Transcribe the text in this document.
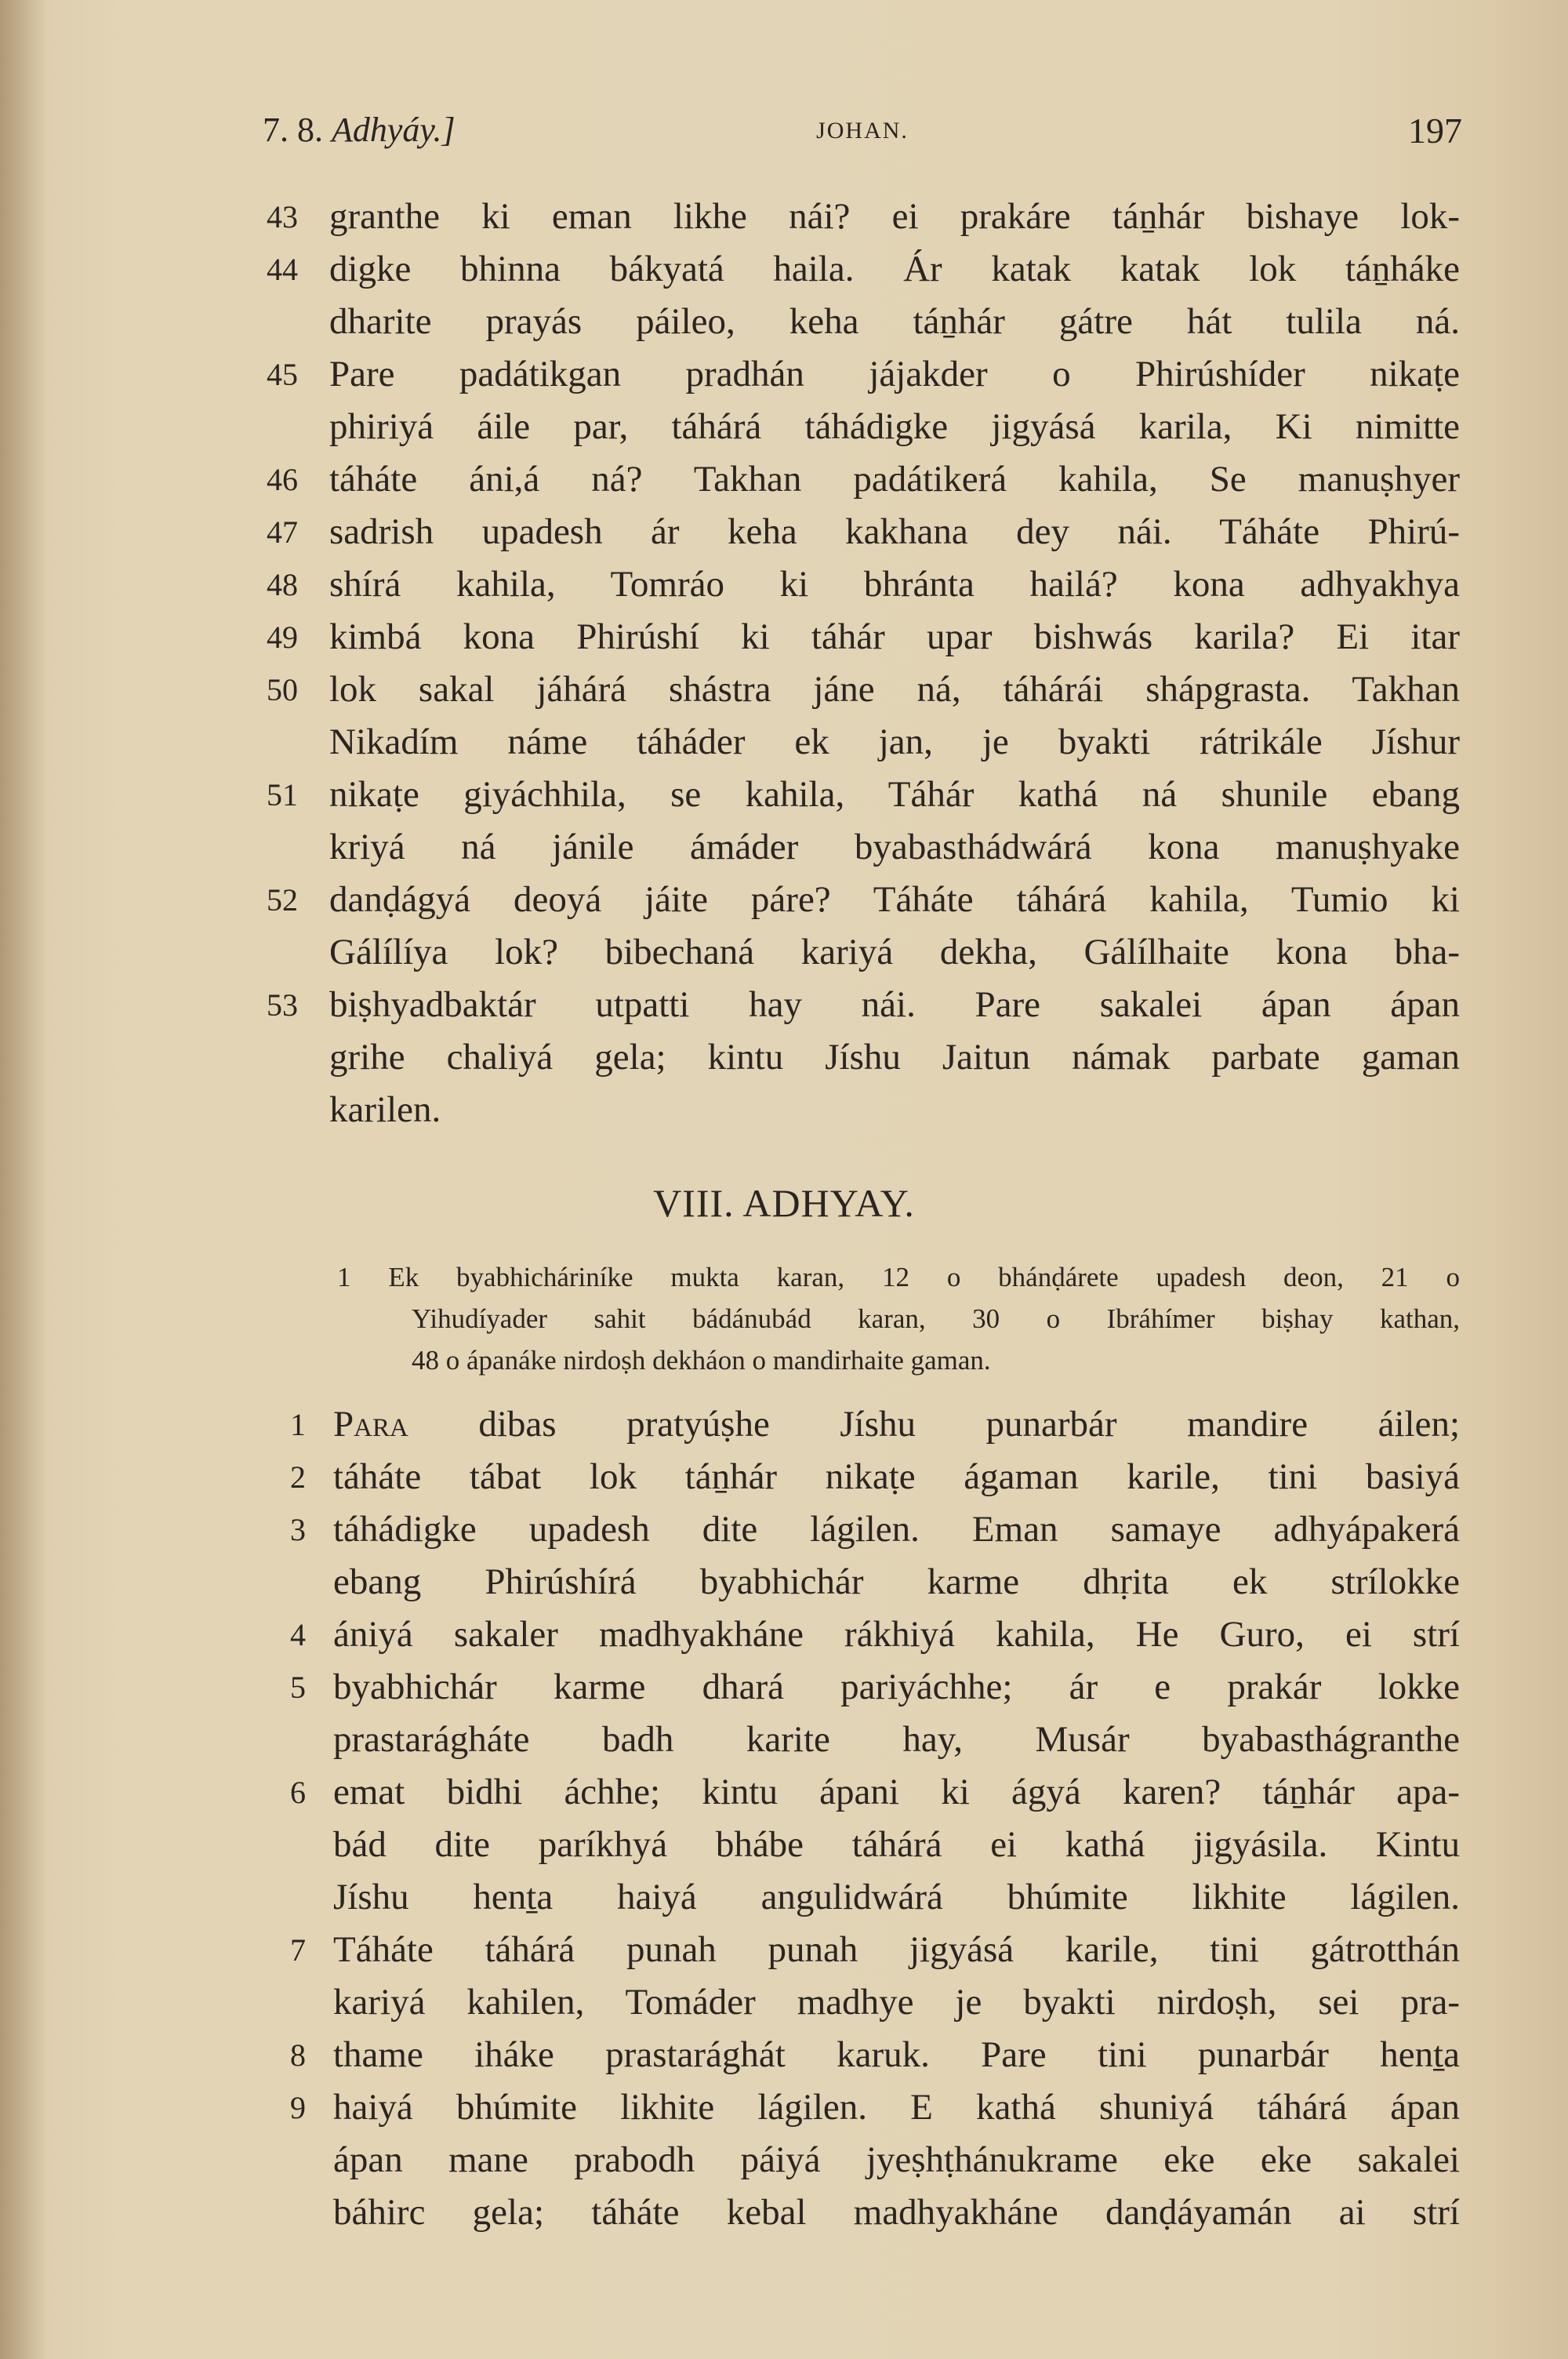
7. 8. Adhyáy.]	JOHAN.	197
43 granthe ki eman likhe nái? ei prakáre táṉhár bishaye lok-
44 digke bhinna bákyatá haila. Ár katak katak lok táṉháke
dharite prayás páileo, keha táṉhár gátre hát tulila ná.
45 Pare padátikgan pradhán jájakder o Phirúshíder nikaṭe
phiriyá áile par, táhárá táhádigke jigyásá karila, Ki nimitte
46 táháte áni,á ná? Takhan padátikerá kahila, Se manuṣhyer
47 sadrish upadesh ár keha kakhana dey nái. Táháte Phirú-
48 shírá kahila, Tomráo ki bhránta hailá? kona adhyakhya
49 kimbá kona Phirúshí ki táhár upar bishwás karila? Ei itar
50 lok sakal jáhárá shástra jáne ná, táhárái shápgrasta. Takhan
Nikadím náme táháder ek jan, je byakti rátrikále Jíshur
51 nikaṭe giyáchhila, se kahila, Táhár kathá ná shunile ebang
kriyá ná jánile ámáder byabasthádwárá kona manuṣhyake
52 danḍágyá deoyá jáite páre? Táháte táhárá kahila, Tumio ki
Gálílíya lok? bibechaná kariyá dekha, Gálílhaite kona bha-
53 biṣhyadbaktár utpatti hay nái. Pare sakalei ápan ápan
grihe chaliyá gela; kintu Jíshu Jaitun námak parbate gaman
karilen.
VIII. ADHYAY.
1 Ek byabhicháriníke mukta karan, 12 o bhánḍárete upadesh deon, 21 o
Yihudíyader sahit bádánubád karan, 30 o Ibráhímer biṣhay kathan,
48 o ápanáke nirdoṣh dekháon o mandirhaite gaman.
1 Para dibas pratyúṣhe Jíshu punarbár mandire áilen;
2 táháte tábat lok táṉhár nikaṭe ágaman karile, tini basiyá
3 táhádigke upadesh dite lágilen. Eman samaye adhyápakerá
ebang Phirúshírá byabhichár karme dhṛita ek strílokke
4 ániyá sakaler madhyakháne rákhiyá kahila, He Guro, ei strí
5 byabhichár karme dhará pariyáchhe; ár e prakár lokke
prastarágháte badh karite hay, Musár byabasthágranthe
6 emat bidhi áchhe; kintu ápani ki ágyá karen? táṉhár apa-
bád dite paríkhyá bhábe táhárá ei kathá jigyásila. Kintu
Jíshu henṯa haiyá angulidwárá bhúmite likhite lágilen.
7 Táháte táhárá punah punah jigyásá karile, tini gátrotthán
kariyá kahilen, Tomáder madhye je byakti nirdoṣh, sei pra-
8 thame iháke prastarághát karuk. Pare tini punarbár henṯa
9 haiyá bhúmite likhite lágilen. E kathá shuniyá táhárá ápan
ápan mane prabodh páiyá jyeṣhṭhánukrame eke eke sakalei
báhirc gela; táháte kebal madhyakháne danḍáyamán ai strí
